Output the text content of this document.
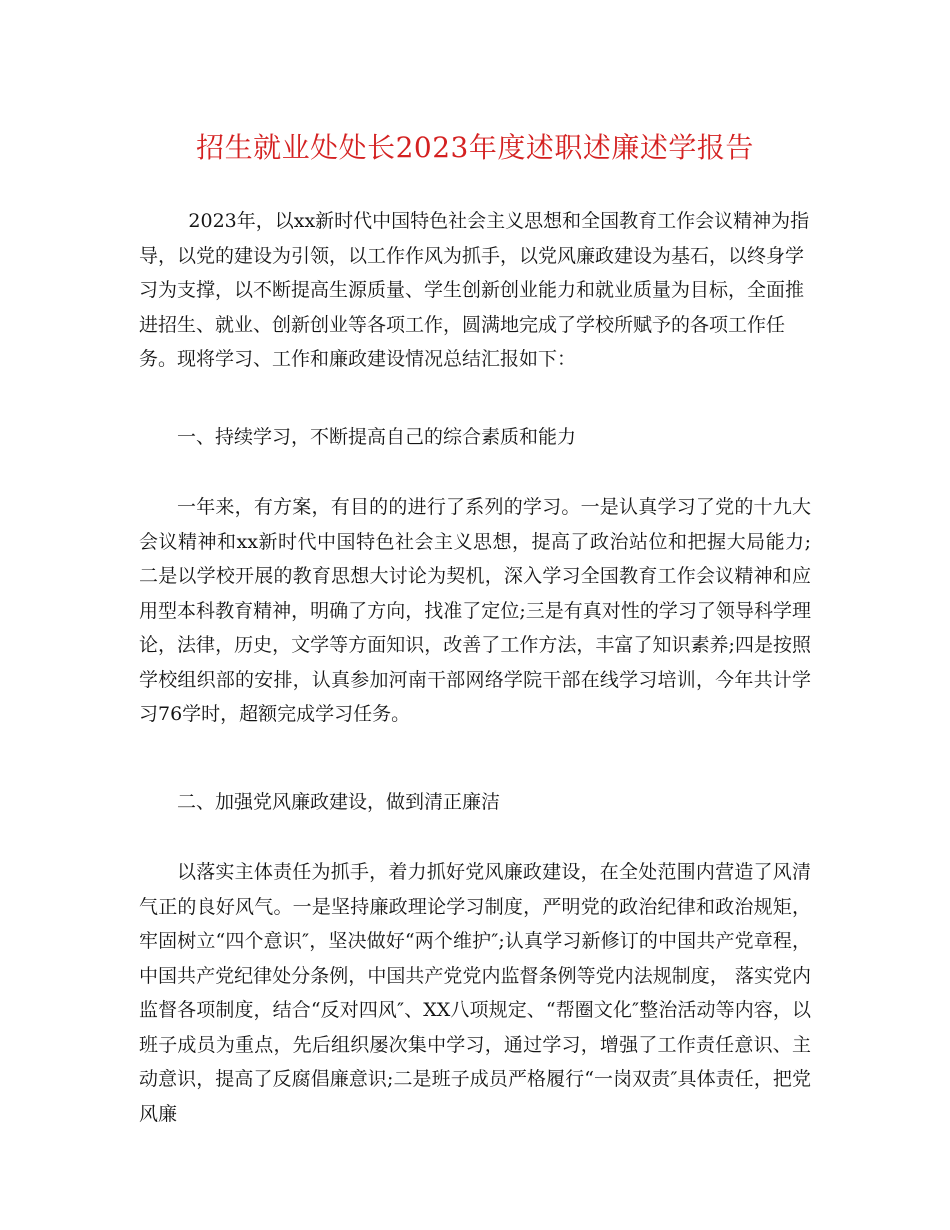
招生就业处处长2023年度述职述廉述学报告

2023年，以xx新时代中国特色社会主义思想和全国教育工作会议精神为指导，以党的建设为引领，以工作作风为抓手，以党风廉政建设为基石，以终身学习为支撑，以不断提高生源质量、学生创新创业能力和就业质量为目标，全面推进招生、就业、创新创业等各项工作，圆满地完成了学校所赋予的各项工作任务。现将学习、工作和廉政建设情况总结汇报如下：

一、持续学习，不断提高自己的综合素质和能力

一年来，有方案，有目的的进行了系列的学习。一是认真学习了党的十九大会议精神和xx新时代中国特色社会主义思想，提高了政治站位和把握大局能力;二是以学校开展的教育思想大讨论为契机，深入学习全国教育工作会议精神和应用型本科教育精神，明确了方向，找准了定位;三是有真对性的学习了领导科学理论，法律，历史，文学等方面知识，改善了工作方法，丰富了知识素养;四是按照学校组织部的安排，认真参加河南干部网络学院干部在线学习培训，今年共计学习76学时，超额完成学习任务。

二、加强党风廉政建设，做到清正廉洁

以落实主体责任为抓手，着力抓好党风廉政建设，在全处范围内营造了风清气正的良好风气。一是坚持廉政理论学习制度，严明党的政治纪律和政治规矩，牢固树立“四个意识″，坚决做好“两个维护″;认真学习新修订的中国共产党章程，中国共产党纪律处分条例，中国共产党党内监督条例等党内法规制度， 落实党内监督各项制度，结合“反对四风″、XX八项规定、“帮圈文化″整治活动等内容，以班子成员为重点，先后组织屡次集中学习，通过学习，增强了工作责任意识、主动意识，提高了反腐倡廉意识;二是班子成员严格履行“一岗双责″具体责任，把党风廉
